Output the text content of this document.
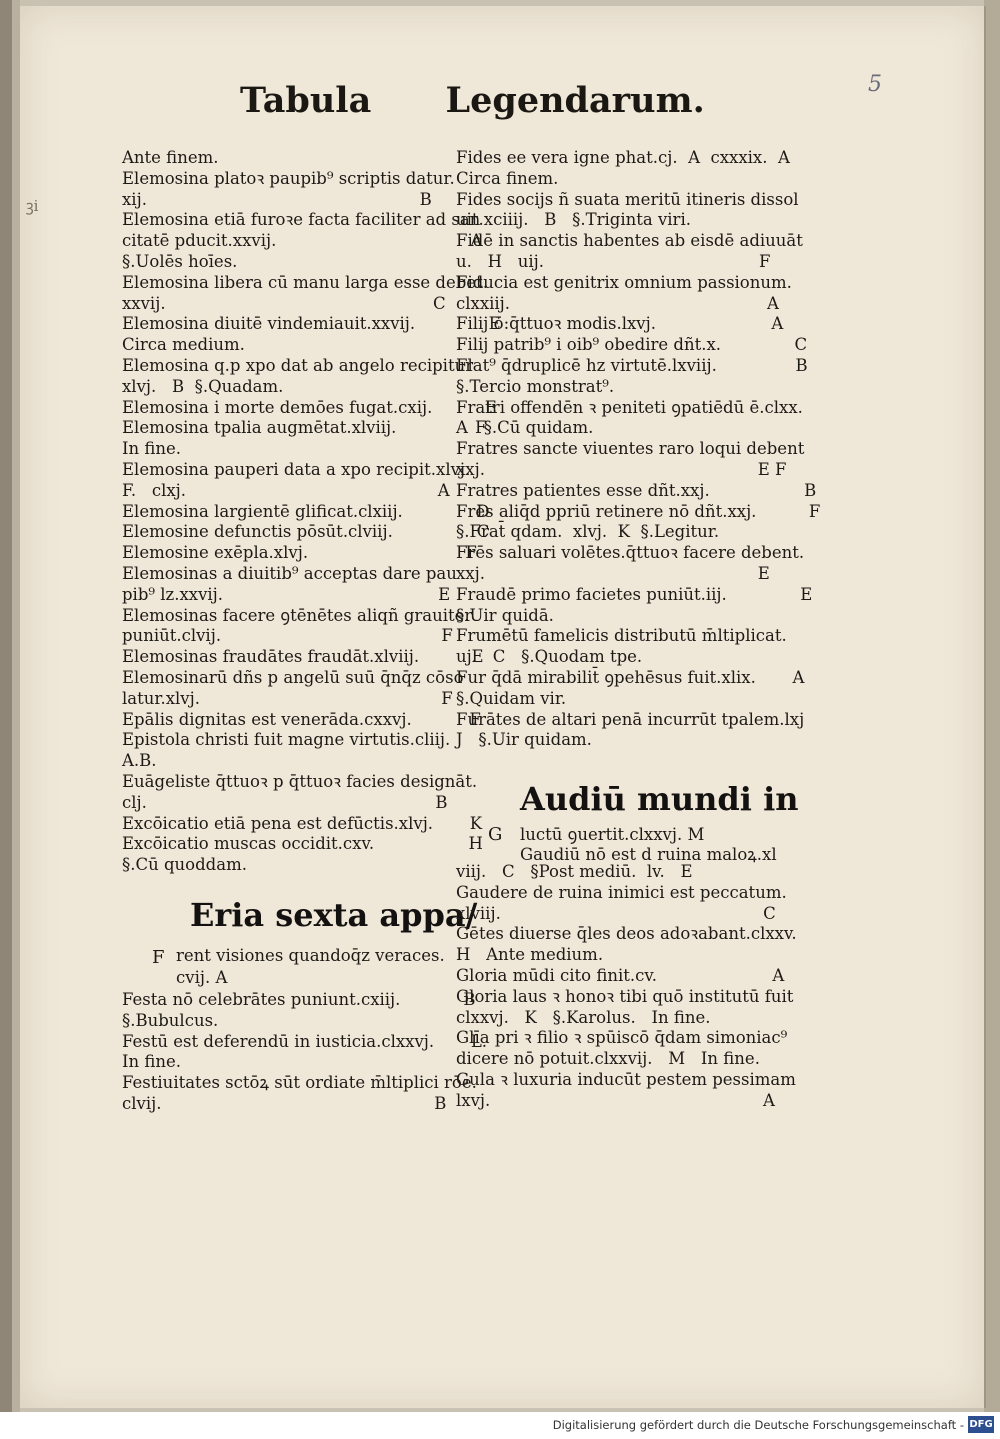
ꝫi
5
Tabula Legendarum.
Ante finem.
Elemosina platoꝛ paupib⁹ scriptis datur.
xij.                                                    B
Elemosina etiā furoꝛe facta faciliter ad san
citatē pducit.xxvij.                                     A
§.Uolēs hoīes.
Elemosina libera cū manu larga esse debet.
xxvij.                                                   C
Elemosina diuitē vindemiauit.xxvij.              E
Circa medium.
Elemosina q.p xpo dat ab angelo recipitur
xlvj.   B  §.Quadam.
Elemosina i morte demōes fugat.cxij.          E
Elemosina tpalia augmētat.xlviij.               F
In fine.
Elemosina pauperi data a xpo recipit.xlvj.
F.   clxj.                                                A
Elemosina largientē glificat.clxiij.              D
Elemosine defunctis pōsūt.clviij.                C
Elemosine exēpla.xlvj.                              F
Elemosinas a diuitib⁹ acceptas dare pau
pib⁹ lz.xxvij.                                         E
Elemosinas facere ꝯtēnētes aliqñ grauiter
puniūt.clvij.                                          F
Elemosinas fraudātes fraudāt.xlviij.          E
Elemosinarū dñs p angelū suū q̄nq̄z cōso
latur.xlvj.                                              F
Epālis dignitas est venerāda.cxxvj.           F
Epistola christi fuit magne virtutis.cliij.
A.B.
Euāgeliste q̄ttuoꝛ p q̄ttuoꝛ facies designāt.
clj.                                                       B
Excōicatio etiā pena est defūctis.xlvj.       K
Excōicatio muscas occidit.cxv.                  H
§.Cū quoddam.
Eria sexta appa/
F rent visiones quandoq̄z veraces.
cvij. A
Festa nō celebrātes puniunt.cxiij.            B
§.Bubulcus.
Festū est deferendū in iusticia.clxxvj.       L.
In fine.
Festiuitates sctōꝝ sūt ordiate m̄ltiplici rōe.
clvij.                                                    B
Fides ee vera igne phat.cj.  A  cxxxix.  A
Circa finem.
Fides socijs ñ suata meritū itineris dissol
uit.xciiij.   B   §.Triginta viri.
Fidē in sanctis habentes ab eisdē adiuuāt
u.   H   uij.                                         F
Fiducia est genitrix omnium passionum.
clxxiij.                                                 A
Filij ō:q̄ttuoꝛ modis.lxvj.                      A
Filij patrib⁹ i oib⁹ obedire dñt.x.              C
Flat⁹ q̄druplicē hz virtutē.lxviij.               B
§.Tercio monstrat⁹.
Fratri offendēn ꝛ peniteti ꝯpatiēdū ē.clxx.
A   §.Cū quidam.
Fratres sancte viuentes raro loqui debent
xxj.                                                    E F
Fratres patientes esse dñt.xxj.                  B
Frēs aliq̄d ppriū retinere nō dñt.xxj.          F
§.Frat̄ qdam.  xlvj.  K  §.Legitur.
Frēs saluari volētes.q̄ttuoꝛ facere debent.
xxj.                                                    E
Fraudē primo facietes puniūt.iij.              E
§.Uir quidā.
Frumētū famelicis distributū m̄ltiplicat.
uj.   C   §.Quodam tpe.
Fur q̄dā mirabilit̄ ꝯpehēsus fuit.xlix.       A
§.Quidam vir.
Furātes de altari penā incurrūt tpalem.lxj
J   §.Uir quidam.
Audiū mundi in
G luctū ꝯuertit.clxxvj. M
Gaudiū nō est d ruina maloꝝ.xl
viij.   C   §Post mediū.  lv.   E
Gaudere de ruina inimici est peccatum.
xlviij.                                                  C
Gētes diuerse q̄les deos adoꝛabant.clxxv.
H   Ante medium.
Gloria mūdi cito finit.cv.                      A
Gloria laus ꝛ honoꝛ tibi quō institutū fuit
clxxvj.   K   §.Karolus.   In fine.
Glīa pri ꝛ filio ꝛ spūiscō q̄dam simoniac⁹
dicere nō potuit.clxxvij.   M   In fine.
Gula ꝛ luxuria inducūt pestem pessimam
lxvj.                                                    A
Digitalisierung gefördert durch die Deutsche Forschungsgemeinschaft - DFG
